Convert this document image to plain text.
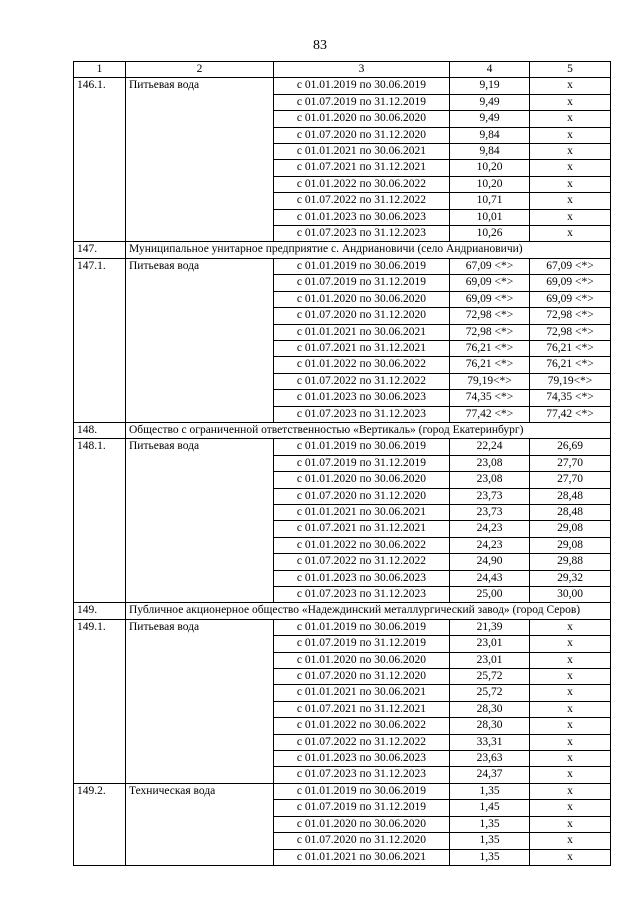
83
1	2	3	4	5
146.1.	Питьевая вода	с 01.01.2019 по 30.06.2019	9,19	х
		с 01.07.2019 по 31.12.2019	9,49	х
		с 01.01.2020 по 30.06.2020	9,49	х
		с 01.07.2020 по 31.12.2020	9,84	х
		с 01.01.2021 по 30.06.2021	9,84	х
		с 01.07.2021 по 31.12.2021	10,20	х
		с 01.01.2022 по 30.06.2022	10,20	х
		с 01.07.2022 по 31.12.2022	10,71	х
		с 01.01.2023 по 30.06.2023	10,01	х
		с 01.07.2023 по 31.12.2023	10,26	х
147.	Муниципальное унитарное предприятие с. Андриановичи (село Андриановичи)			
147.1.	Питьевая вода	с 01.01.2019 по 30.06.2019	67,09 <*>	67,09 <*>
		с 01.07.2019 по 31.12.2019	69,09 <*>	69,09 <*>
		с 01.01.2020 по 30.06.2020	69,09 <*>	69,09 <*>
		с 01.07.2020 по 31.12.2020	72,98 <*>	72,98 <*>
		с 01.01.2021 по 30.06.2021	72,98 <*>	72,98 <*>
		с 01.07.2021 по 31.12.2021	76,21 <*>	76,21 <*>
		с 01.01.2022 по 30.06.2022	76,21 <*>	76,21 <*>
		с 01.07.2022 по 31.12.2022	79,19<*>	79,19<*>
		с 01.01.2023 по 30.06.2023	74,35 <*>	74,35 <*>
		с 01.07.2023 по 31.12.2023	77,42 <*>	77,42 <*>
148.	Общество с ограниченной ответственностью «Вертикаль» (город Екатеринбург)			
148.1.	Питьевая вода	с 01.01.2019 по 30.06.2019	22,24	26,69
		с 01.07.2019 по 31.12.2019	23,08	27,70
		с 01.01.2020 по 30.06.2020	23,08	27,70
		с 01.07.2020 по 31.12.2020	23,73	28,48
		с 01.01.2021 по 30.06.2021	23,73	28,48
		с 01.07.2021 по 31.12.2021	24,23	29,08
		с 01.01.2022 по 30.06.2022	24,23	29,08
		с 01.07.2022 по 31.12.2022	24,90	29,88
		с 01.01.2023 по 30.06.2023	24,43	29,32
		с 01.07.2023 по 31.12.2023	25,00	30,00
149.	Публичное акционерное общество «Надеждинский металлургический завод» (город Серов)			
149.1.	Питьевая вода	с 01.01.2019 по 30.06.2019	21,39	х
		с 01.07.2019 по 31.12.2019	23,01	х
		с 01.01.2020 по 30.06.2020	23,01	х
		с 01.07.2020 по 31.12.2020	25,72	х
		с 01.01.2021 по 30.06.2021	25,72	х
		с 01.07.2021 по 31.12.2021	28,30	х
		с 01.01.2022 по 30.06.2022	28,30	х
		с 01.07.2022 по 31.12.2022	33,31	х
		с 01.01.2023 по 30.06.2023	23,63	х
		с 01.07.2023 по 31.12.2023	24,37	х
149.2.	Техническая вода	с 01.01.2019 по 30.06.2019	1,35	х
		с 01.07.2019 по 31.12.2019	1,45	х
		с 01.01.2020 по 30.06.2020	1,35	х
		с 01.07.2020 по 31.12.2020	1,35	х
		с 01.01.2021 по 30.06.2021	1,35	х
